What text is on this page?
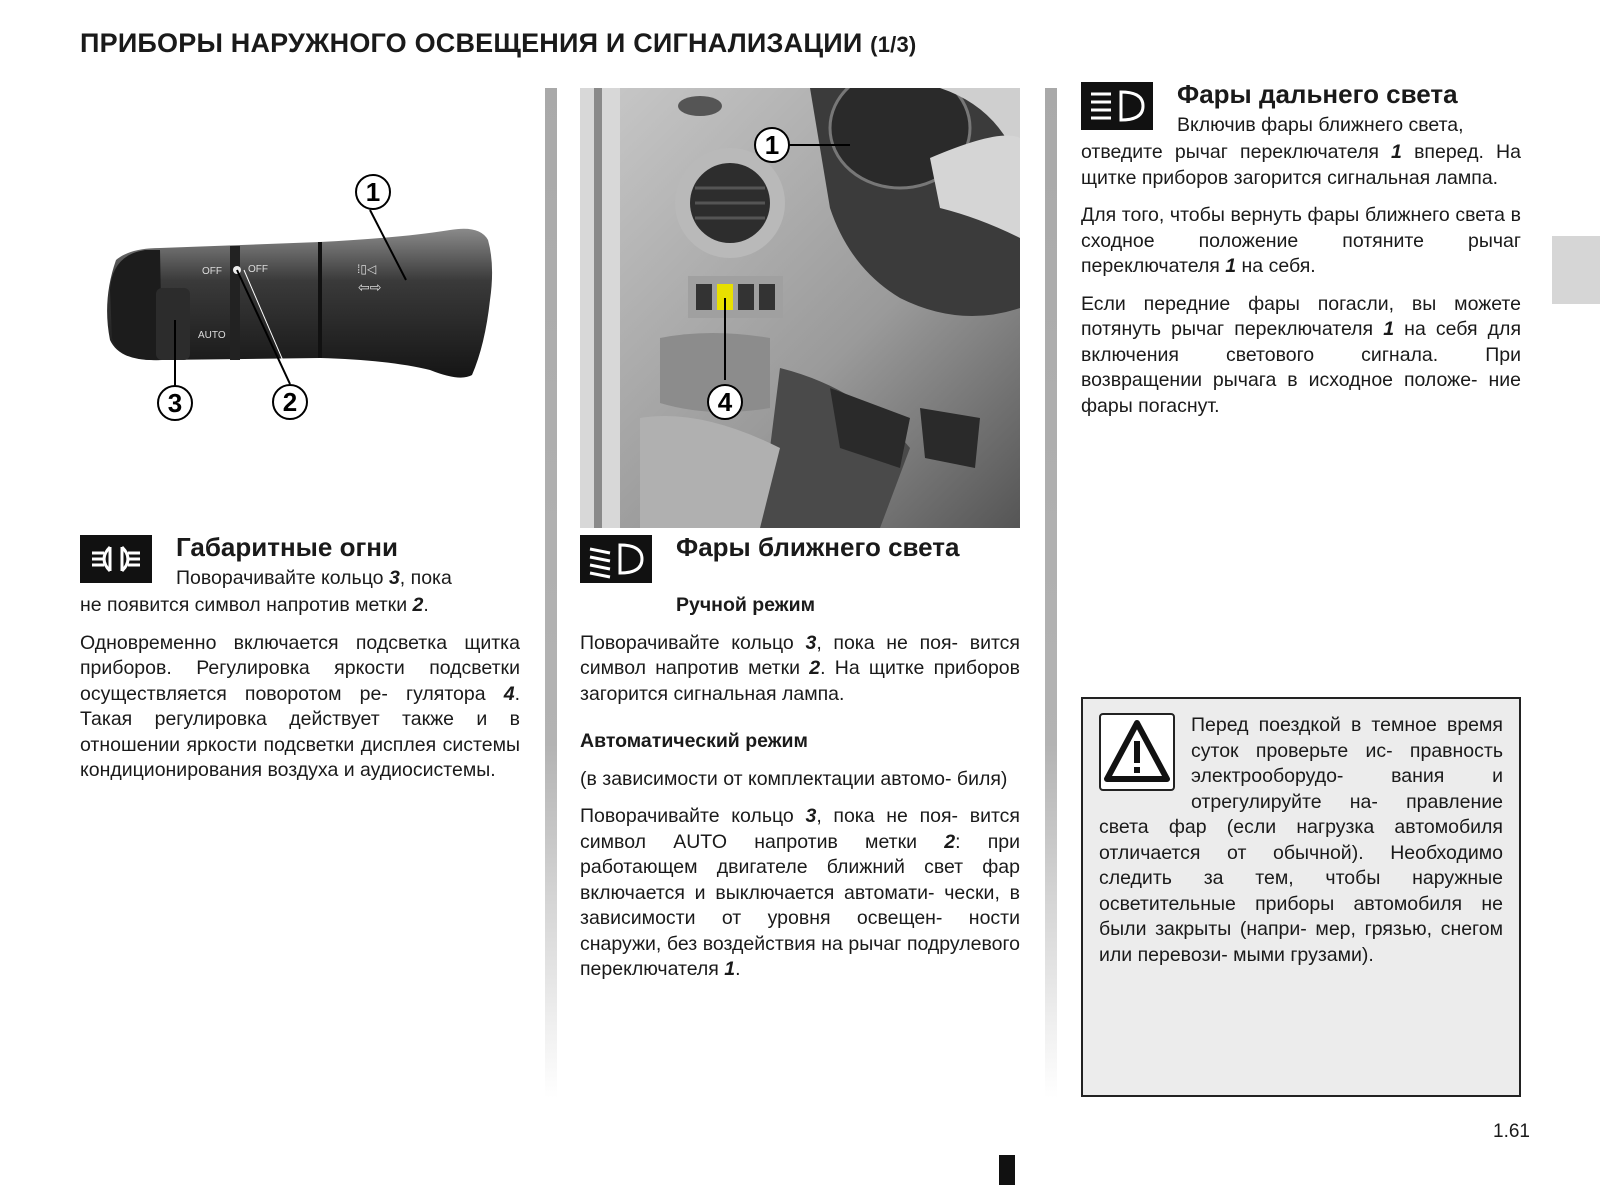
ПРИБОРЫ НАРУЖНОГО ОСВЕЩЕНИЯ И СИГНАЛИЗАЦИИ (1/3)
OFF	OFF
AUTO
⁞▯◁
⇦⇨
1
2
3
1
4
Габаритные огни
Поворачивайте кольцо 3, пока

не появится символ напротив метки 2.

Одновременно включается подсветка щитка приборов. Регулировка яркости подсветки осуществляется поворотом ре- гулятора 4. Такая регулировка действует также и в отношении яркости подсветки дисплея системы кондиционирования воздуха и аудиосистемы.

Фары ближнего света

Ручной режим

Поворачивайте кольцо 3, пока не поя- вится символ напротив метки 2. На щитке приборов загорится сигнальная лампа.

Автоматический режим

(в зависимости от комплектации автомо- биля)

Поворачивайте кольцо 3, пока не поя- вится символ AUTO напротив метки 2: при работающем двигателе ближний свет фар включается и выключается автомати- чески, в зависимости от уровня освещен- ности снаружи, без воздействия на рычаг подрулевого переключателя 1.

Фары дальнего света
Включив фары ближнего света,

отведите рычаг переключателя 1 вперед. На щитке приборов загорится сигнальная лампа.

Для того, чтобы вернуть фары ближнего света в сходное положение потяните рычаг переключателя 1 на себя.

Если передние фары погасли, вы можете потянуть рычаг переключателя 1 на себя для включения светового сигнала. При возвращении рычага в исходное положе- ние фары погаснут.

Перед поездкой в темное время суток проверьте ис- правность электрооборудо- вания и отрегулируйте на- правление света фар (если нагрузка автомобиля отличается от обычной). Необходимо следить за тем, чтобы наружные осветительные приборы автомобиля не были закрыты (напри- мер, грязью, снегом или перевози- мыми грузами).
1.61
